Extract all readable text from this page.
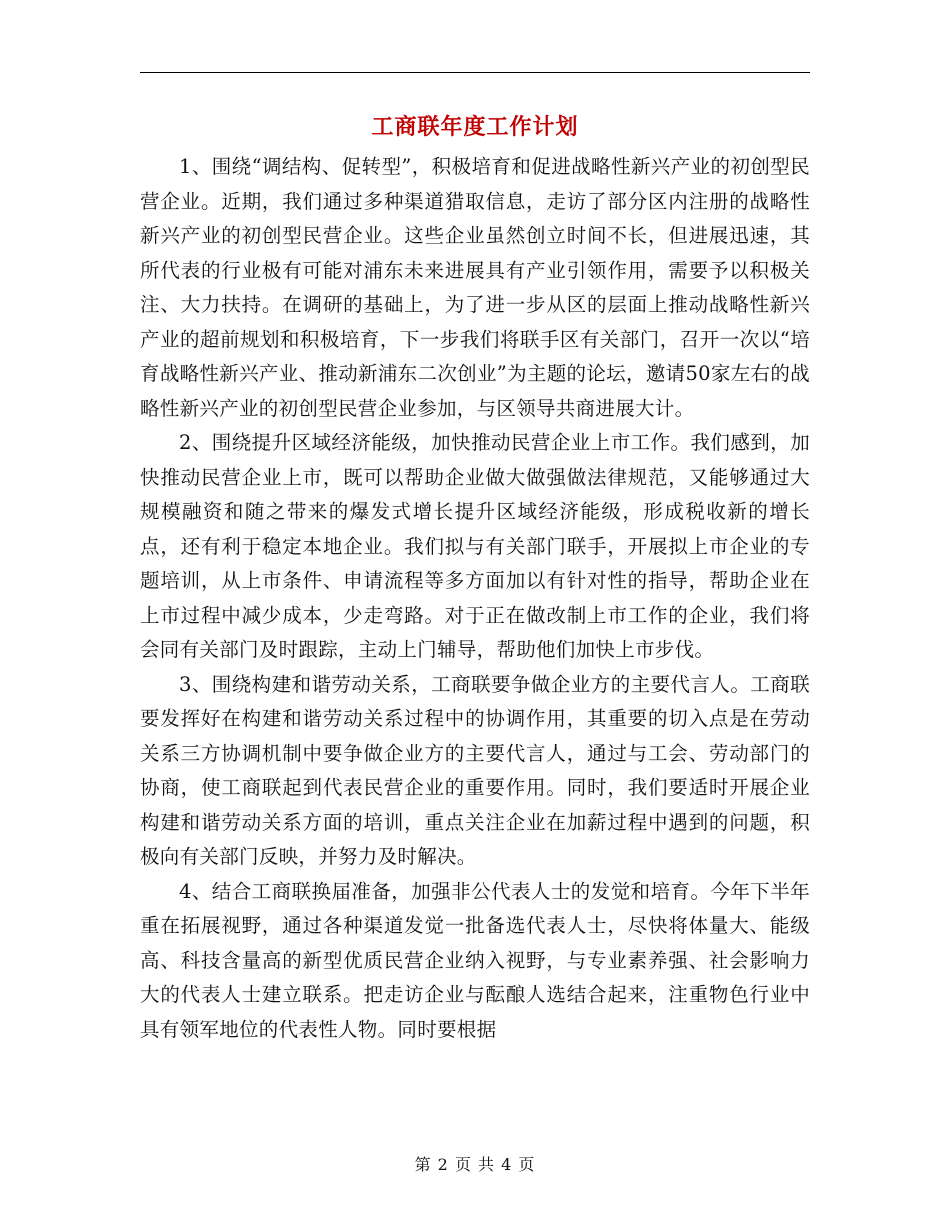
工商联年度工作计划

1、围绕“调结构、促转型”，积极培育和促进战略性新兴产业的初创型民营企业。近期，我们通过多种渠道猎取信息，走访了部分区内注册的战略性新兴产业的初创型民营企业。这些企业虽然创立时间不长，但进展迅速，其所代表的行业极有可能对浦东未来进展具有产业引领作用，需要予以积极关注、大力扶持。在调研的基础上，为了进一步从区的层面上推动战略性新兴产业的超前规划和积极培育，下一步我们将联手区有关部门，召开一次以“培育战略性新兴产业、推动新浦东二次创业”为主题的论坛，邀请50家左右的战略性新兴产业的初创型民营企业参加，与区领导共商进展大计。

2、围绕提升区域经济能级，加快推动民营企业上市工作。我们感到，加快推动民营企业上市，既可以帮助企业做大做强做法律规范，又能够通过大规模融资和随之带来的爆发式增长提升区域经济能级，形成税收新的增长点，还有利于稳定本地企业。我们拟与有关部门联手，开展拟上市企业的专题培训，从上市条件、申请流程等多方面加以有针对性的指导，帮助企业在上市过程中减少成本，少走弯路。对于正在做改制上市工作的企业，我们将会同有关部门及时跟踪，主动上门辅导，帮助他们加快上市步伐。

3、围绕构建和谐劳动关系，工商联要争做企业方的主要代言人。工商联要发挥好在构建和谐劳动关系过程中的协调作用，其重要的切入点是在劳动关系三方协调机制中要争做企业方的主要代言人，通过与工会、劳动部门的协商，使工商联起到代表民营企业的重要作用。同时，我们要适时开展企业构建和谐劳动关系方面的培训，重点关注企业在加薪过程中遇到的问题，积极向有关部门反映，并努力及时解决。

4、结合工商联换届准备，加强非公代表人士的发觉和培育。今年下半年重在拓展视野，通过各种渠道发觉一批备选代表人士，尽快将体量大、能级高、科技含量高的新型优质民营企业纳入视野，与专业素养强、社会影响力大的代表人士建立联系。把走访企业与酝酿人选结合起来，注重物色行业中具有领军地位的代表性人物。同时要根据

第 2 页 共 4 页
